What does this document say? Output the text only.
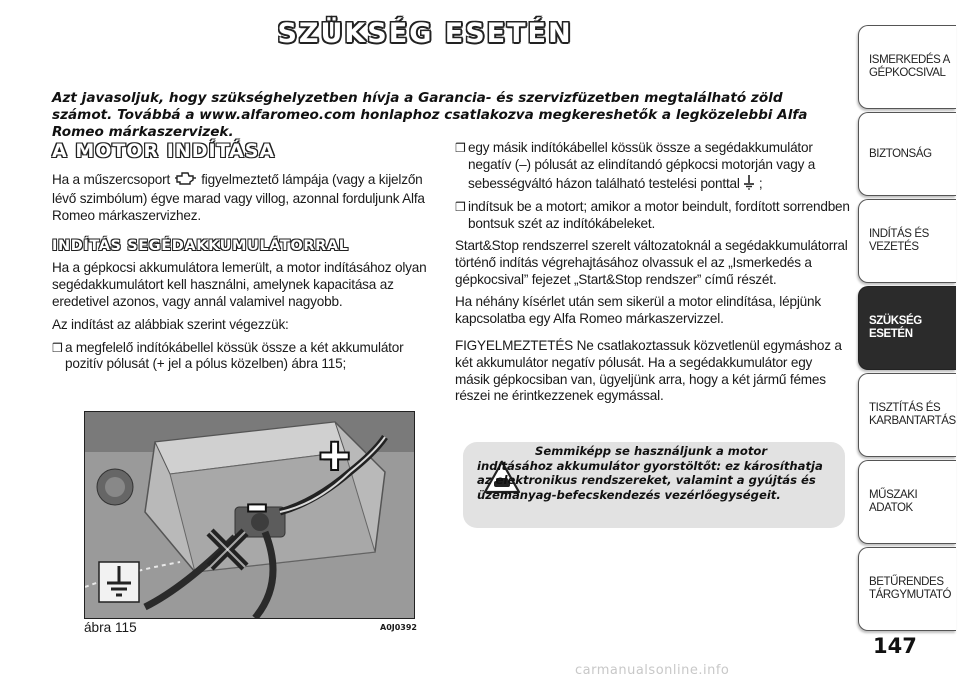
SZÜKSÉG ESETÉN
Azt javasoljuk, hogy szükséghelyzetben hívja a Garancia- és szervizfüzetben megtalálható zöld számot. Továbbá a www.alfaromeo.com honlaphoz csatlakozva megkereshetők a legközelebbi Alfa Romeo márkaszervizek.
A MOTOR INDÍTÁSA

Ha a műszercsoport figyelmeztető lámpája (vagy a kijelzőn lévő szimbólum) égve marad vagy villog, azonnal forduljunk Alfa Romeo márkaszervizhez.

INDÍTÁS SEGÉDAKKUMULÁTORRAL

Ha a gépkocsi akkumulátora lemerült, a motor indításához olyan segédakkumulátort kell használni, amelynek kapacitása az eredetivel azonos, vagy annál valamivel nagyobb.

Az indítást az alábbiak szerint végezzük:

❒ a megfelelő indítókábellel kössük össze a két akkumulátor pozitív pólusát (+ jel a pólus közelben) ábra 115;
❒ egy másik indítókábellel kössük össze a segédakkumulátor negatív (–) pólusát az elindítandó gépkocsi motorján vagy a sebességváltó házon található testelési ponttal ;
❒ indítsuk be a motort; amikor a motor beindult, fordított sorrendben bontsuk szét az indítókábeleket.

Start&Stop rendszerrel szerelt változatoknál a segédakkumulátorral történő indítás végrehajtásához olvassuk el az „Ismerkedés a gépkocsival” fejezet „Start&Stop rendszer” című részét.

Ha néhány kísérlet után sem sikerül a motor elindítása, lépjünk kapcsolatba egy Alfa Romeo márkaszervizzel.

FIGYELMEZTETÉS Ne csatlakoztassuk közvetlenül egymáshoz a két akkumulátor negatív pólusát. Ha a segédakkumulátor egy másik gépkocsiban van, ügyeljünk arra, hogy a két jármű fémes részei ne érintkezzenek egymással.

+
–
ábra 115	A0J0392
Semmiképp se használjunk a motor indításához akkumulátor gyorstöltőt: ez károsíthatja az elektronikus rendszereket, valamint a gyújtás és üzemanyag-befecskendezés vezérlőegységeit.
ISMERKEDÉS A GÉPKOCSIVAL
BIZTONSÁG
INDÍTÁS ÉS VEZETÉS
SZÜKSÉG ESETÉN
TISZTÍTÁS ÉS KARBANTARTÁS
MŰSZAKI ADATOK
BETŰRENDES TÁRGYMUTATÓ
147
carmanualsonline.info
